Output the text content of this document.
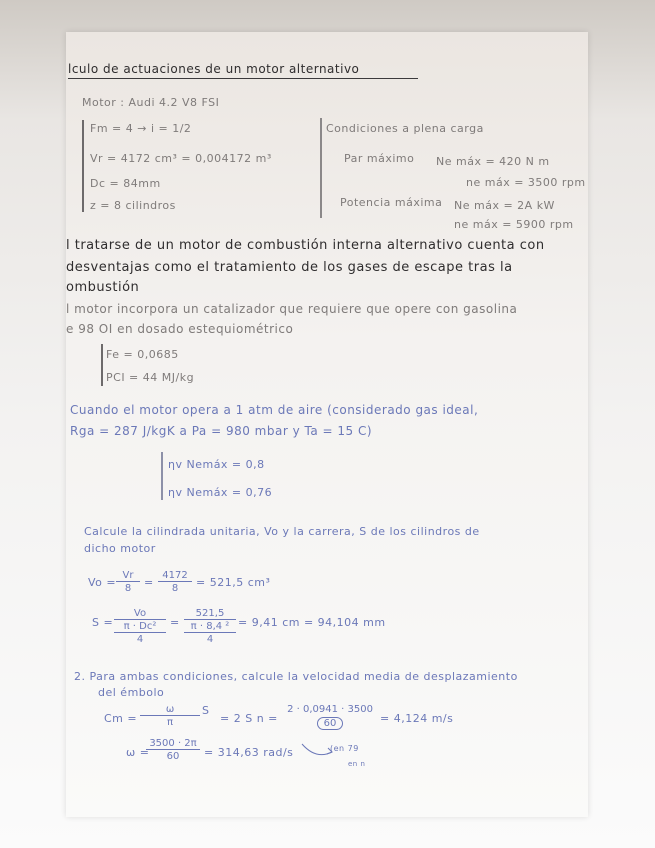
lculo de actuaciones de un motor alternativo
Motor : Audi 4.2 V8 FSI
Fm = 4 → i = 1/2
Vr = 4172 cm³ = 0,004172 m³
Dc = 84mm
z = 8 cilindros
Condiciones a plena carga
Par máximo Ne máx = 420 N m
ne máx = 3500 rpm
Potencia máxima Ne máx = 2A kW
ne máx = 5900 rpm
l tratarse de un motor de combustión interna alternativo cuenta con
desventajas como el tratamiento de los gases de escape tras la
ombustión
l motor incorpora un catalizador que requiere que opere con gasolina
e 98 OI en dosado estequiométrico
Fe = 0,0685
PCI = 44 MJ/kg
Cuando el motor opera a 1 atm de aire (considerado gas ideal,
Rga = 287 J/kgK a Pa = 980 mbar y Ta = 15 C)
ηv Nemáx = 0,8
ηv Nemáx = 0,76
Calcule la cilindrada unitaria, Vo y la carrera, S de los cilindros de
dicho motor
$Vo = \frac{Vr}{8} = \frac{4172}{8} = 521,5$ cm³
S =
Vo
π · Dc²
4
=
521,5
π · 8,4 ²
4
= 9,41 cm = 94,104 mm
2. Para ambas condiciones, calcule la velocidad media de desplazamiento
del émbolo
$Cm = \frac{\omega}{\pi}$ S
= 2 S $n = \frac{2 \cdot 0,0941 \cdot 3500}{60} = 4,124$ m/s
ω =
$\frac{3500 \cdot 2\pi}{60} = 314,63$ rad/s	(en 79
en n
